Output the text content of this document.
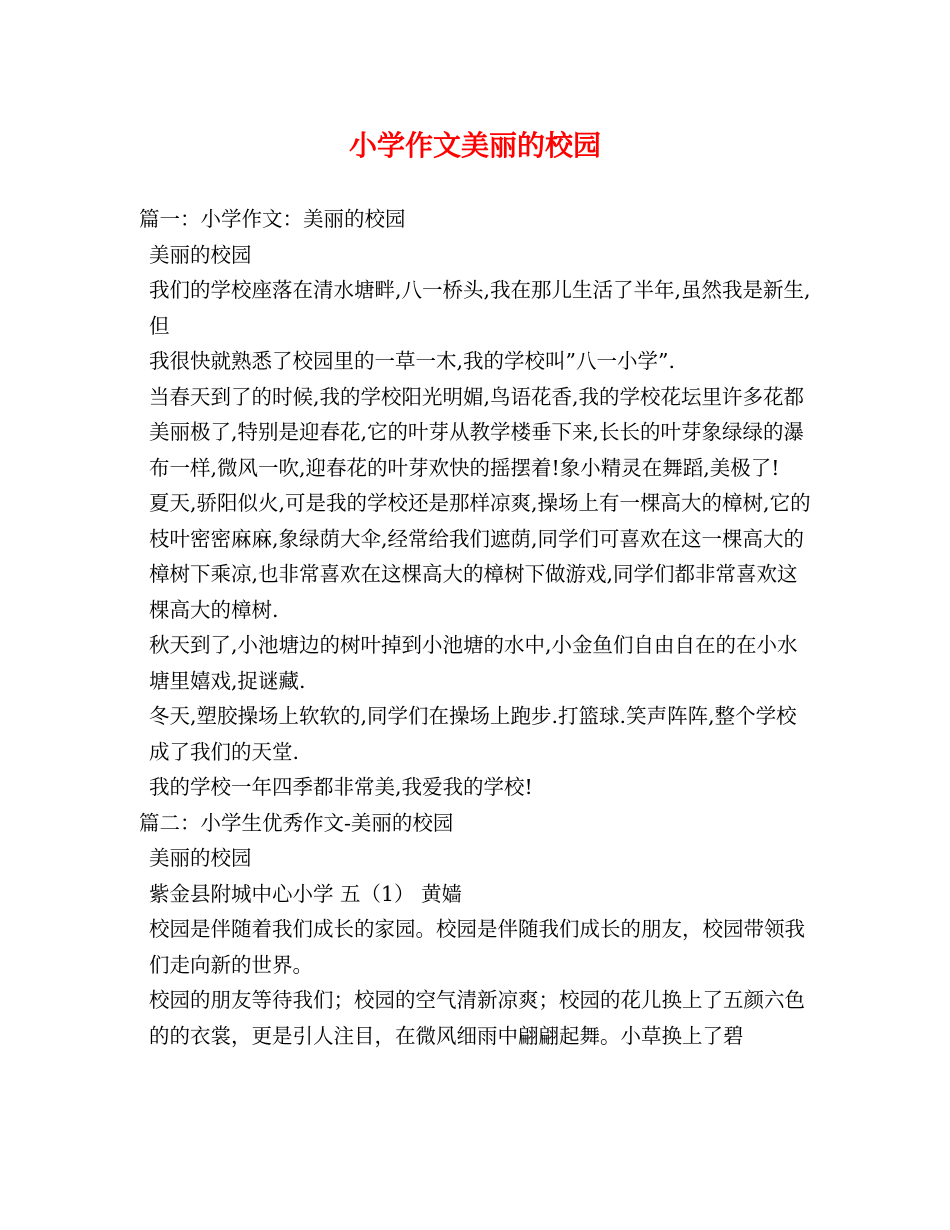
小学作文美丽的校园

篇一：小学作文：美丽的校园

美丽的校园

我们的学校座落在清水塘畔,八一桥头,我在那儿生活了半年,虽然我是新生,但

我很快就熟悉了校园里的一草一木,我的学校叫”八一小学”.

当春天到了的时候,我的学校阳光明媚,鸟语花香,我的学校花坛里许多花都美丽极了,特别是迎春花,它的叶芽从教学楼垂下来,长长的叶芽象绿绿的瀑布一样,微风一吹,迎春花的叶芽欢快的摇摆着!象小精灵在舞蹈,美极了!

夏天,骄阳似火,可是我的学校还是那样凉爽,操场上有一棵高大的樟树,它的枝叶密密麻麻,象绿荫大伞,经常给我们遮荫,同学们可喜欢在这一棵高大的樟树下乘凉,也非常喜欢在这棵高大的樟树下做游戏,同学们都非常喜欢这棵高大的樟树.

秋天到了,小池塘边的树叶掉到小池塘的水中,小金鱼们自由自在的在小水塘里嬉戏,捉谜藏.

冬天,塑胶操场上软软的,同学们在操场上跑步.打篮球.笑声阵阵,整个学校成了我们的天堂.

我的学校一年四季都非常美,我爱我的学校!

篇二：小学生优秀作文-美丽的校园

美丽的校园

紫金县附城中心小学 五（1） 黄嫱

校园是伴随着我们成长的家园。校园是伴随我们成长的朋友，校园带领我们走向新的世界。

校园的朋友等待我们；校园的空气清新凉爽；校园的花儿换上了五颜六色的的衣裳，更是引人注目，在微风细雨中翩翩起舞。小草换上了碧
